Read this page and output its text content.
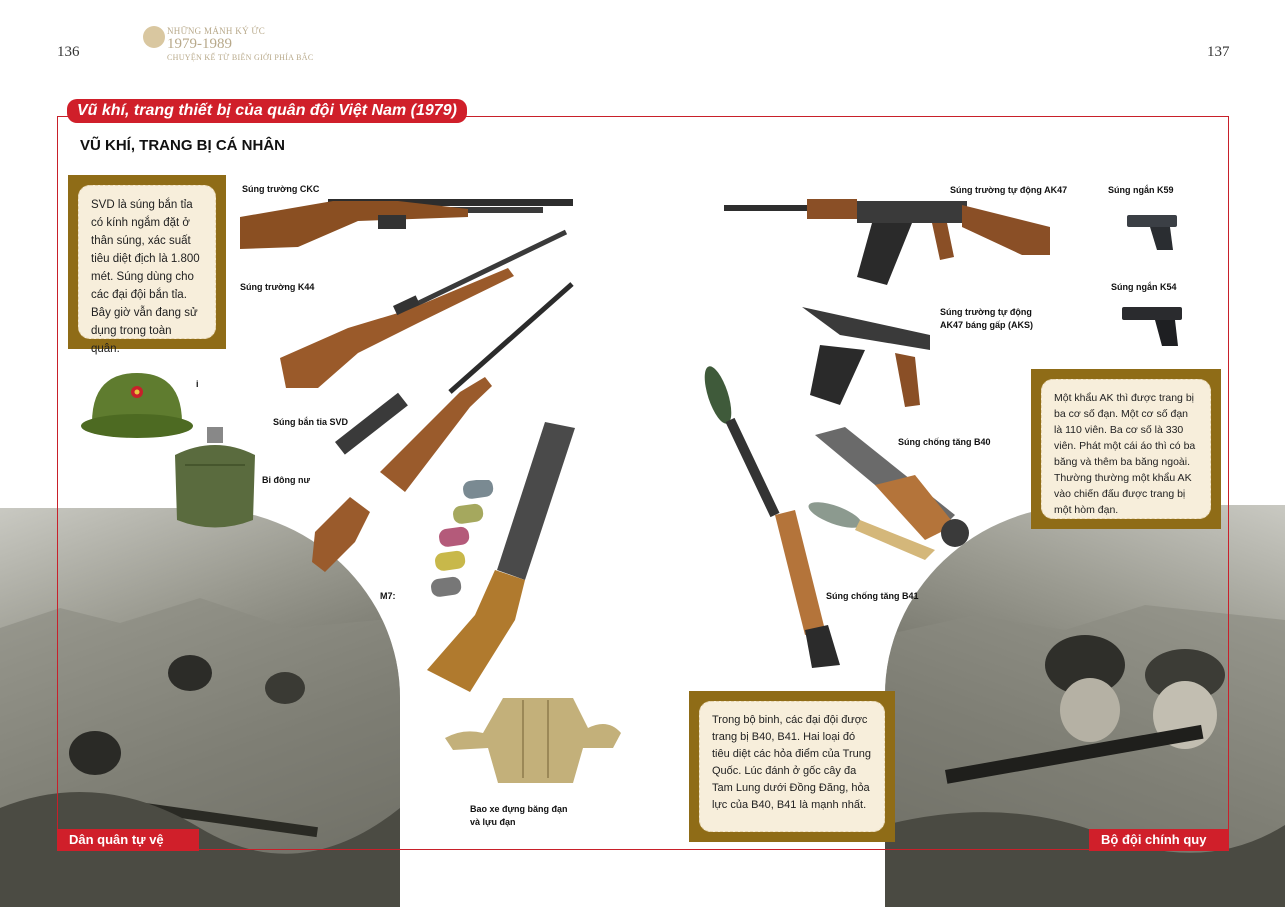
136	137
NHỮNG MẢNH KÝ ỨC
1979-1989
CHUYỆN KỂ TỪ BIÊN GIỚI PHÍA BẮC
Vũ khí, trang thiết bị của quân đội Việt Nam (1979)
VŨ KHÍ, TRANG BỊ CÁ NHÂN
SVD là súng bắn tỉa có kính ngắm đặt ở thân súng, xác suất tiêu diệt địch là 1.800 mét. Súng dùng cho các đại đội bắn tỉa. Bây giờ vẫn đang sử dụng trong toàn quân.
Một khẩu AK thì được trang bị ba cơ số đạn. Một cơ số đạn là 110 viên. Ba cơ số là 330 viên. Phát một cái áo thì có ba băng và thêm ba băng ngoài. Thường thường một khẩu AK vào chiến đấu được trang bị một hòm đạn.
Trong bộ binh, các đại đội được trang bị B40, B41. Hai loại đó tiêu diệt các hỏa điểm của Trung Quốc. Lúc đánh ở gốc cây đa Tam Lung dưới Đồng Đăng, hỏa lực của B40, B41 là mạnh nhất.
Súng trường CKC
Súng trường K44
i
Súng bắn tỉa SVD
Bi đông nư
M7:
Súng trường tự động AK47	Súng ngắn K59
Súng ngắn K54
Súng trường tự động
AK47 báng gấp (AKS)
Súng chống tăng B40
Súng chống tăng B41
Bao xe đựng băng đạn
và lựu đạn
Dân quân tự vệ	Bộ đội chính quy
